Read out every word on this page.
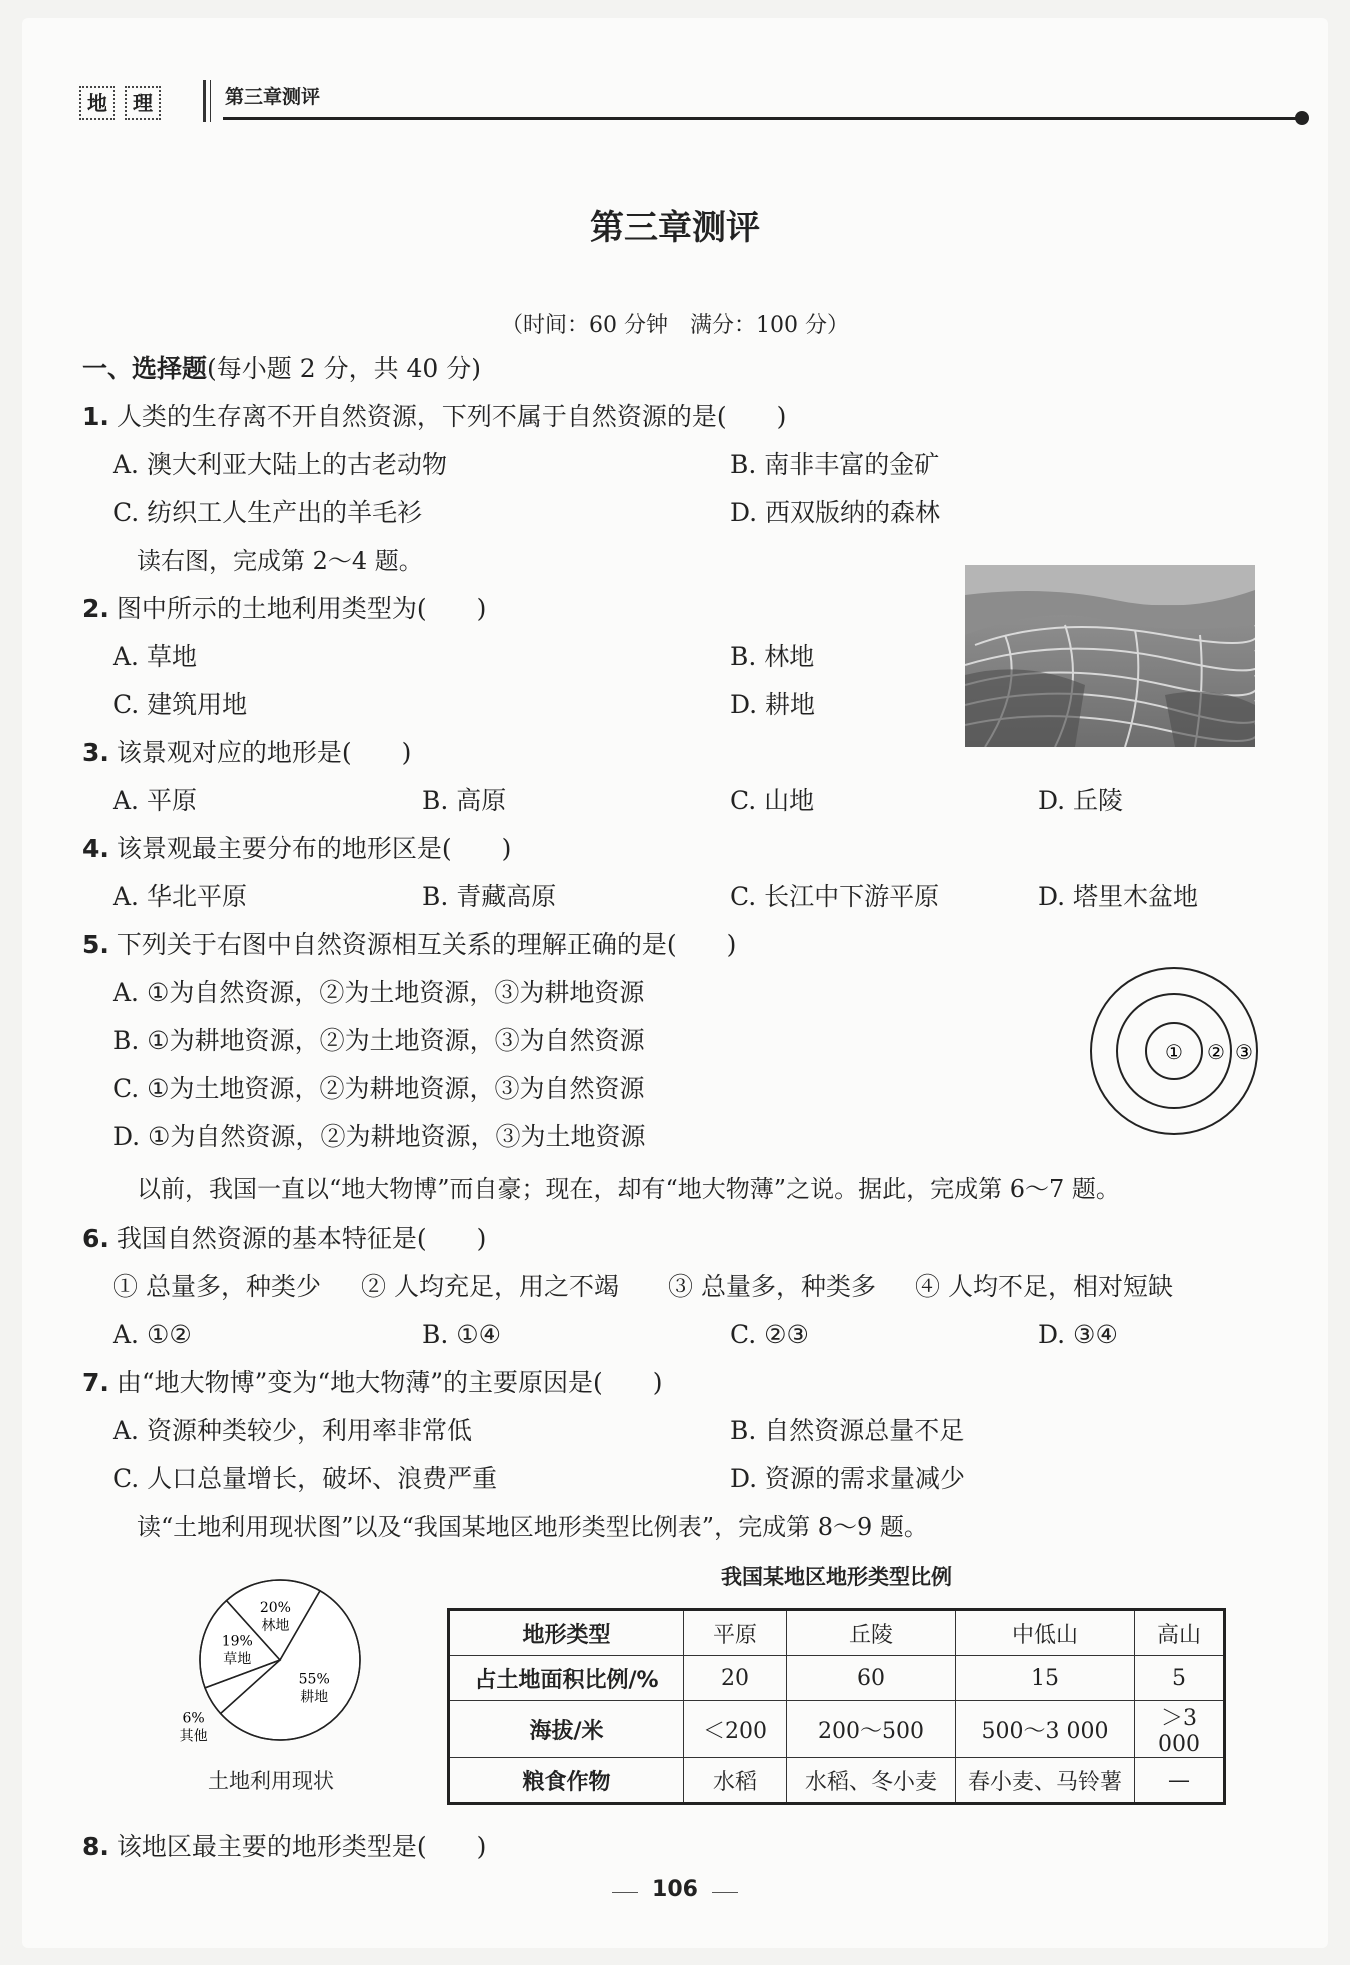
地	理	第三章测评
第三章测评
（时间：60 分钟　满分：100 分）
一、选择题(每小题 2 分，共 40 分)
1. 人类的生存离不开自然资源，下列不属于自然资源的是(　　)
A. 澳大利亚大陆上的古老动物	B. 南非丰富的金矿
C. 纺织工人生产出的羊毛衫	D. 西双版纳的森林
读右图，完成第 2～4 题。
2. 图中所示的土地利用类型为(　　)
A. 草地	B. 林地
C. 建筑用地	D. 耕地
3. 该景观对应的地形是(　　)
A. 平原	B. 高原	C. 山地	D. 丘陵
4. 该景观最主要分布的地形区是(　　)
A. 华北平原	B. 青藏高原	C. 长江中下游平原	D. 塔里木盆地
5. 下列关于右图中自然资源相互关系的理解正确的是(　　)
A. ①为自然资源，②为土地资源，③为耕地资源
B. ①为耕地资源，②为土地资源，③为自然资源
C. ①为土地资源，②为耕地资源，③为自然资源
D. ①为自然资源，②为耕地资源，③为土地资源
① ② ③
以前，我国一直以“地大物博”而自豪；现在，却有“地大物薄”之说。据此，完成第 6～7 题。
6. 我国自然资源的基本特征是(　　)
① 总量多，种类少 ② 人均充足，用之不竭 ③ 总量多，种类多 ④ 人均不足，相对短缺
A. ①②	B. ①④	C. ②③	D. ③④
7. 由“地大物博”变为“地大物薄”的主要原因是(　　)
A. 资源种类较少，利用率非常低	B. 自然资源总量不足
C. 人口总量增长，破坏、浪费严重	D. 资源的需求量减少
读“土地利用现状图”以及“我国某地区地形类型比例表”，完成第 8～9 题。
55%
耕地
6%
其他
19%
草地
20%
林地
土地利用现状
我国某地区地形类型比例
地形类型	平原	丘陵	中低山	高山
占土地面积比例/%	20	60	15	5
海拔/米	＜200	200～500	500～3 000	＞3 000
粮食作物	水稻	水稻、冬小麦	春小麦、马铃薯	—
8. 该地区最主要的地形类型是(　　)
106
